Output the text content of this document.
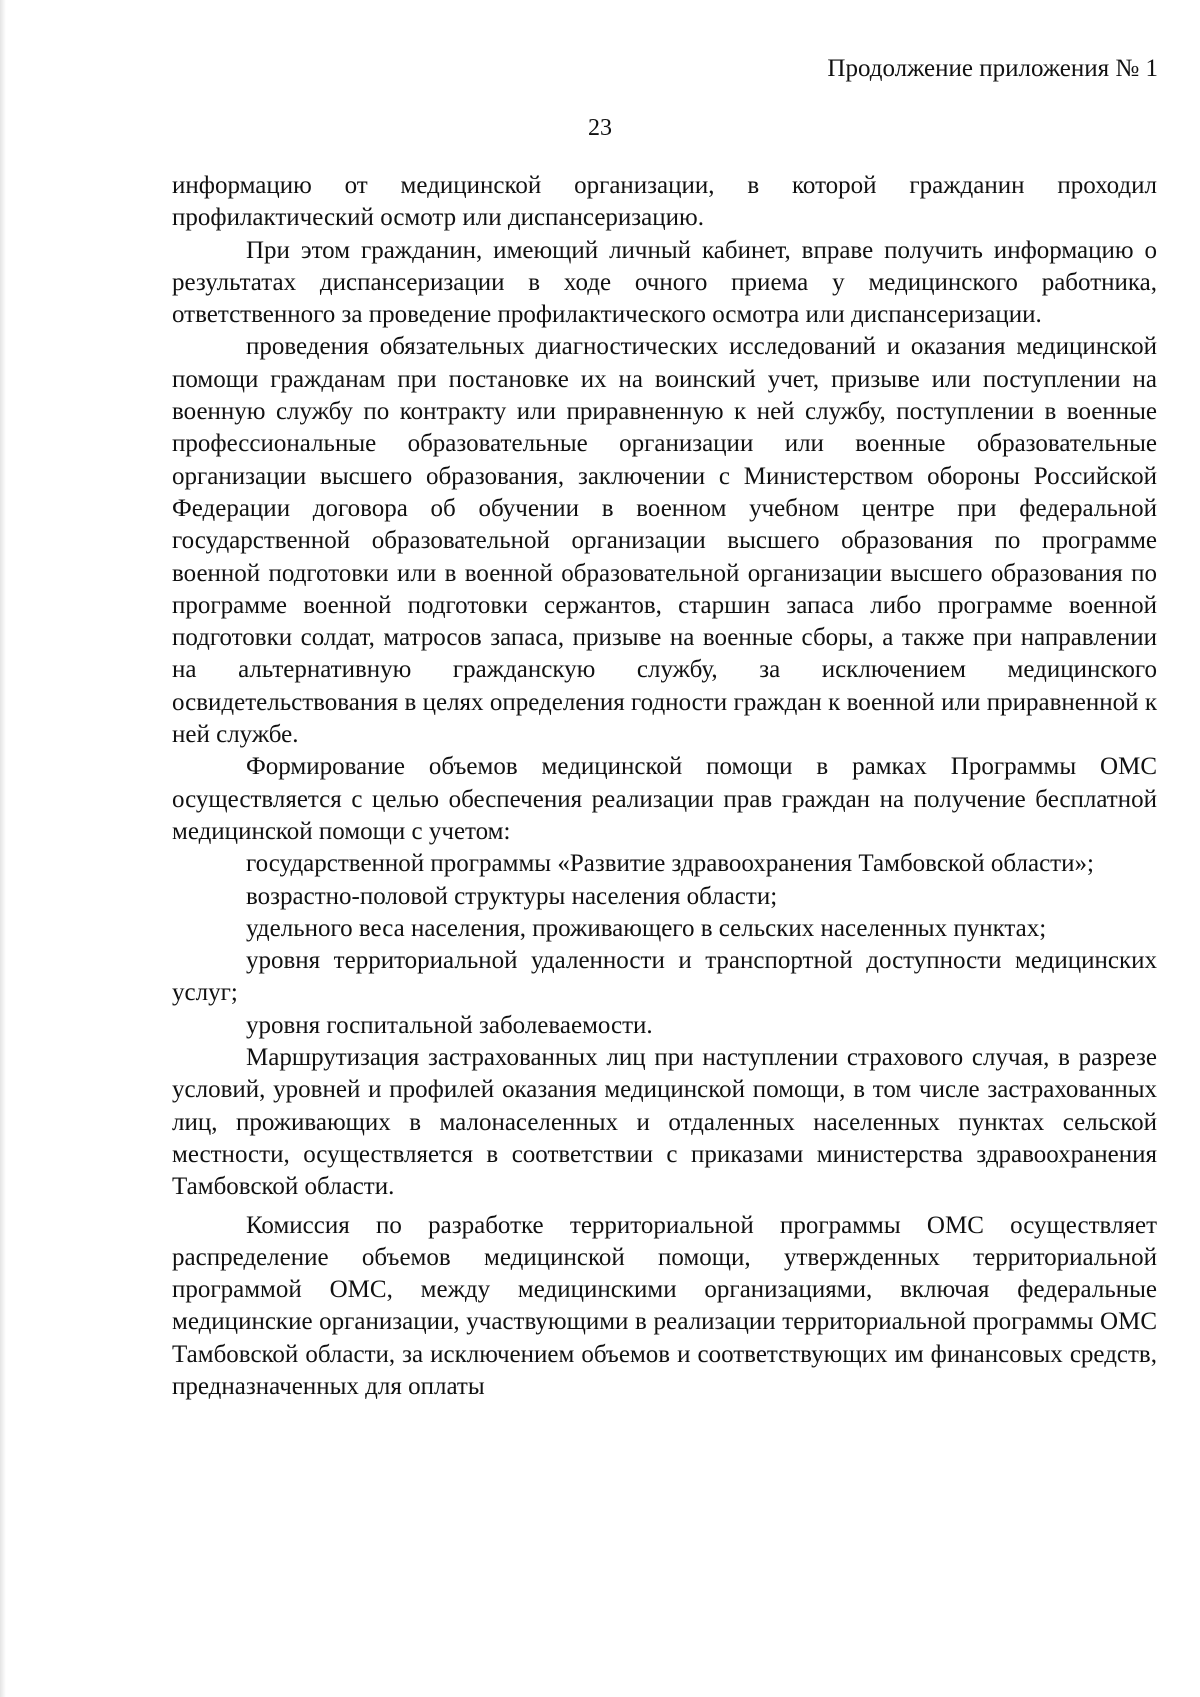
Продолжение приложения № 1
23

информацию от медицинской организации, в которой гражданин проходил профилактический осмотр или диспансеризацию.

При этом гражданин, имеющий личный кабинет, вправе получить информацию о результатах диспансеризации в ходе очного приема у медицинского работника, ответственного за проведение профилактического осмотра или диспансеризации.

проведения обязательных диагностических исследований и оказания медицинской помощи гражданам при постановке их на воинский учет, призыве или поступлении на военную службу по контракту или приравненную к ней службу, поступлении в военные профессиональные образовательные организации или военные образовательные организации высшего образования, заключении с Министерством обороны Российской Федерации договора об обучении в военном учебном центре при федеральной государственной образовательной организации высшего образования по программе военной подготовки или в военной образовательной организации высшего образования по программе военной подготовки сержантов, старшин запаса либо программе военной подготовки солдат, матросов запаса, призыве на военные сборы, а также при направлении на альтернативную гражданскую службу, за исключением медицинского освидетельствования в целях определения годности граждан к военной или приравненной к ней службе.

Формирование объемов медицинской помощи в рамках Программы ОМС осуществляется с целью обеспечения реализации прав граждан на получение бесплатной медицинской помощи с учетом:

государственной программы «Развитие здравоохранения Тамбовской области»;

возрастно-половой структуры населения области;

удельного веса населения, проживающего в сельских населенных пунктах;

уровня территориальной удаленности и транспортной доступности медицинских услуг;

уровня госпитальной заболеваемости.

Маршрутизация застрахованных лиц при наступлении страхового случая, в разрезе условий, уровней и профилей оказания медицинской помощи, в том числе застрахованных лиц, проживающих в малонаселенных и отдаленных населенных пунктах сельской местности, осуществляется в соответствии с приказами министерства здравоохранения Тамбовской области.

Комиссия по разработке территориальной программы ОМС осуществляет распределение объемов медицинской помощи, утвержденных территориальной программой ОМС, между медицинскими организациями, включая федеральные медицинские организации, участвующими в реализации территориальной программы ОМС Тамбовской области, за исключением объемов и соответствующих им финансовых средств, предназначенных для оплаты
